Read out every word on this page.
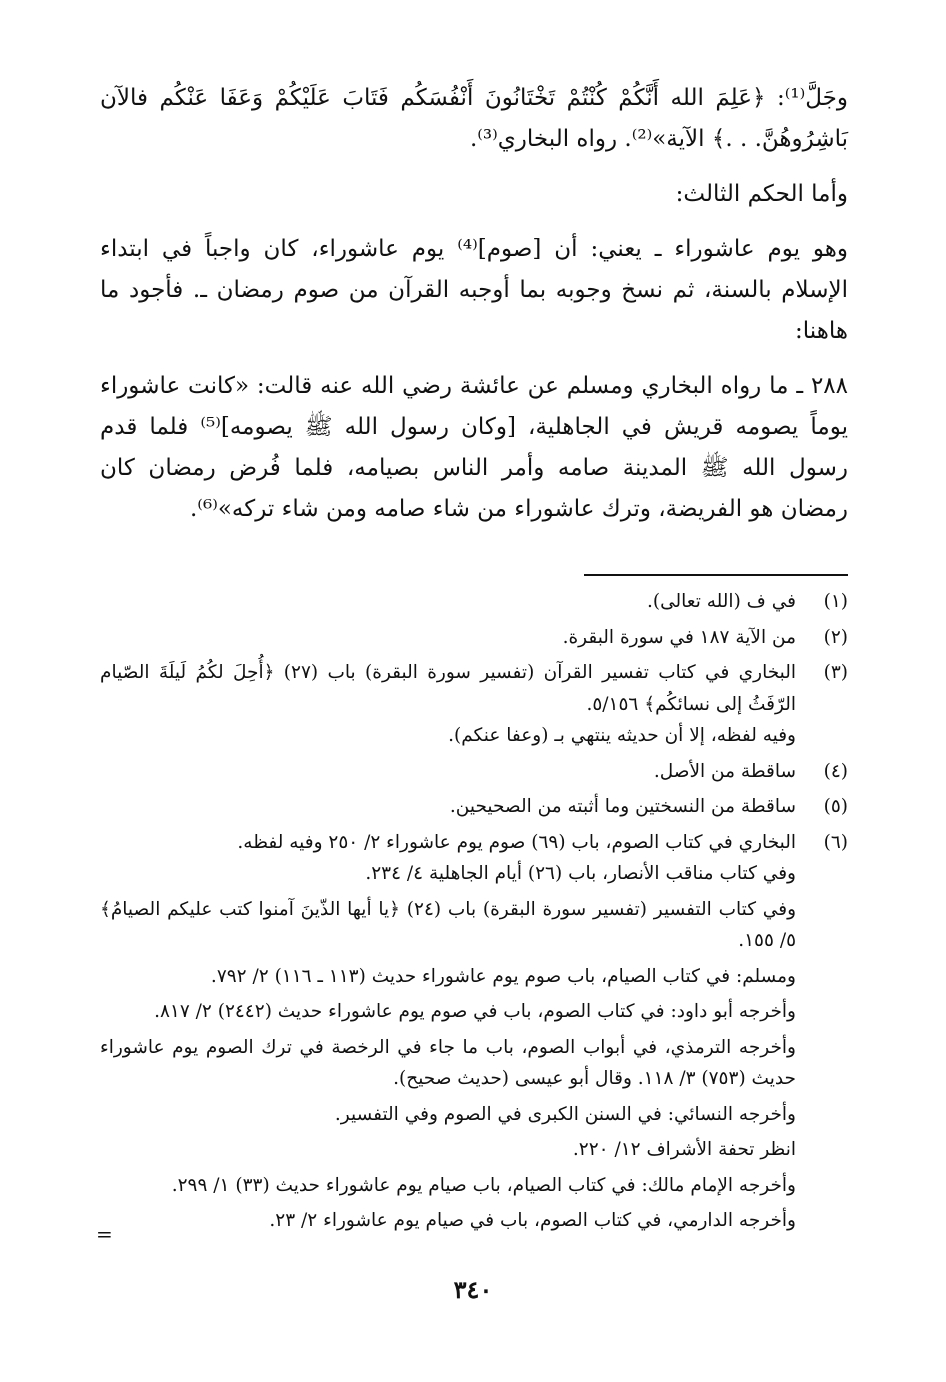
وجَلَّ⁽¹⁾: ﴿عَلِمَ الله أَنَّكُمْ كُنْتُمْ تَخْتَانُونَ أَنْفُسَكُم فَتَابَ عَلَيْكُمْ وَعَفَا عَنْكُم فالآن بَاشِرُوهُنَّ. . .﴾ الآية»⁽²⁾. رواه البخاري⁽³⁾.

وأما الحكم الثالث:

وهو يوم عاشوراء ـ يعني: أن [صوم]⁽⁴⁾ يوم عاشوراء، كان واجباً في ابتداء الإسلام بالسنة، ثم نسخ وجوبه بما أوجبه القرآن من صوم رمضان ـ. فأجود ما هاهنا:

٢٨٨ ـ ما رواه البخاري ومسلم عن عائشة رضي الله عنه قالت: «كانت عاشوراء يوماً يصومه قريش في الجاهلية، [وكان رسول الله ﷺ يصومه]⁽⁵⁾ فلما قدم رسول الله ﷺ المدينة صامه وأمر الناس بصيامه، فلما فُرض رمضان كان رمضان هو الفريضة، وترك عاشوراء من شاء صامه ومن شاء تركه»⁽⁶⁾.

(١)
في ف (الله تعالى).
(٢)
من الآية ١٨٧ في سورة البقرة.
(٣)
البخاري في كتاب تفسير القرآن (تفسير سورة البقرة) باب (٢٧) ﴿أُحِلَ لكُمُ لَيلَةَ الصّيام الرّفَثُ إلى نسائكُم﴾ ٥/١٥٦.
وفيه لفظه، إلا أن حديثه ينتهي بـ (وعفا عنكم).
(٤)
ساقطة من الأصل.
(٥)
ساقطة من النسختين وما أثبته من الصحيحين.
(٦)
البخاري في كتاب الصوم، باب (٦٩) صوم يوم عاشوراء ٢/ ٢٥٠ وفيه لفظه.
وفي كتاب مناقب الأنصار، باب (٢٦) أيام الجاهلية ٤/ ٢٣٤.
وفي كتاب التفسير (تفسير سورة البقرة) باب (٢٤) ﴿يا أيها الذّينَ آمنوا كتب عليكم الصيامُ﴾ ٥/ ١٥٥.
ومسلم: في كتاب الصيام، باب صوم يوم عاشوراء حديث (١١٣ ـ ١١٦) ٢/ ٧٩٢.
وأخرجه أبو داود: في كتاب الصوم، باب في صوم يوم عاشوراء حديث (٢٤٤٢) ٢/ ٨١٧.
وأخرجه الترمذي، في أبواب الصوم، باب ما جاء في الرخصة في ترك الصوم يوم عاشوراء حديث (٧٥٣) ٣/ ١١٨. وقال أبو عيسى (حديث صحيح).
وأخرجه النسائي: في السنن الكبرى في الصوم وفي التفسير.
انظر تحفة الأشراف ١٢/ ٢٢٠.
وأخرجه الإمام مالك: في كتاب الصيام، باب صيام يوم عاشوراء حديث (٣٣) ١/ ٢٩٩.
وأخرجه الدارمي، في كتاب الصوم، باب في صيام يوم عاشوراء ٢/ ٢٣.
=
٣٤٠
